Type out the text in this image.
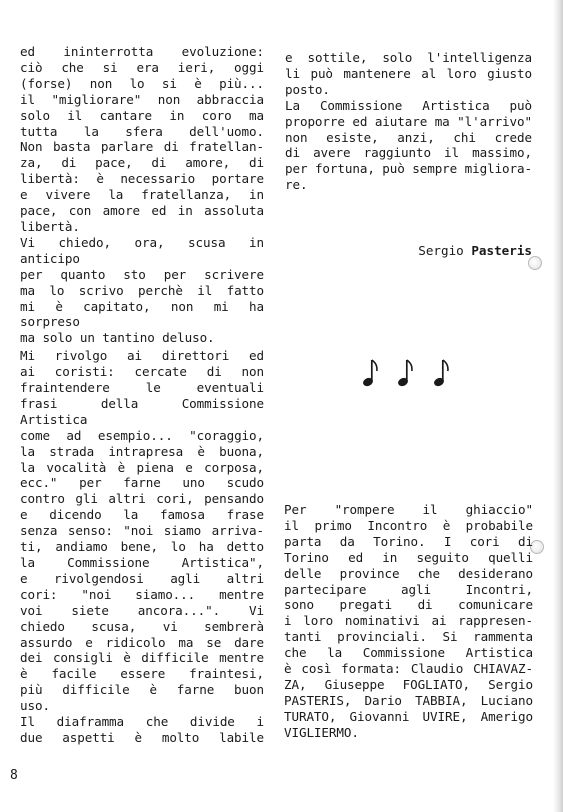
ed ininterrotta evoluzione:

ciò che si era ieri, oggi

(forse) non lo si è più...

il "migliorare" non abbraccia

solo il cantare in coro ma

tutta la sfera dell'uomo.

Non basta parlare di fratellan-

za, di pace, di amore, di

libertà: è necessario portare

e vivere la fratellanza, in

pace, con amore ed in assoluta

libertà.

Vi chiedo, ora, scusa in anticipo

per quanto sto per scrivere

ma lo scrivo perchè il fatto

mi è capitato, non mi ha sorpreso

ma solo un tantino deluso.

Mi rivolgo ai direttori ed

ai coristi: cercate di non

fraintendere le eventuali

frasi della Commissione Artistica

come ad esempio... "coraggio,

la strada intrapresa è buona,

la vocalità è piena e corposa,

ecc." per farne uno scudo

contro gli altri cori, pensando

e dicendo la famosa frase

senza senso: "noi siamo arriva-

ti, andiamo bene, lo ha detto

la Commissione Artistica",

e rivolgendosi agli altri

cori: "noi siamo... mentre

voi siete ancora...". Vi

chiedo scusa, vi sembrerà

assurdo e ridicolo ma se dare

dei consigli è difficile mentre

è facile essere fraintesi,

più difficile è farne buon

uso.

Il diaframma che divide i

due aspetti è molto labile

e sottile, solo l'intelligenza

li può mantenere al loro giusto

posto.

La Commissione Artistica può

proporre ed aiutare ma "l'arrivo"

non esiste, anzi, chi crede

di avere raggiunto il massimo,

per fortuna, può sempre migliora-

re.

Sergio Pasteris

Per "rompere il ghiaccio"

il primo Incontro è probabile

parta da Torino. I cori di

Torino ed in seguito quelli

delle province che desiderano

partecipare agli Incontri,

sono pregati di comunicare

i loro nominativi ai rappresen-

tanti provinciali. Si rammenta

che la Commissione Artistica

è così formata: Claudio CHIAVAZ-

ZA, Giuseppe FOGLIATO, Sergio

PASTERIS, Dario TABBIA, Luciano

TURATO, Giovanni UVIRE, Amerigo

VIGLIERMO.

8
